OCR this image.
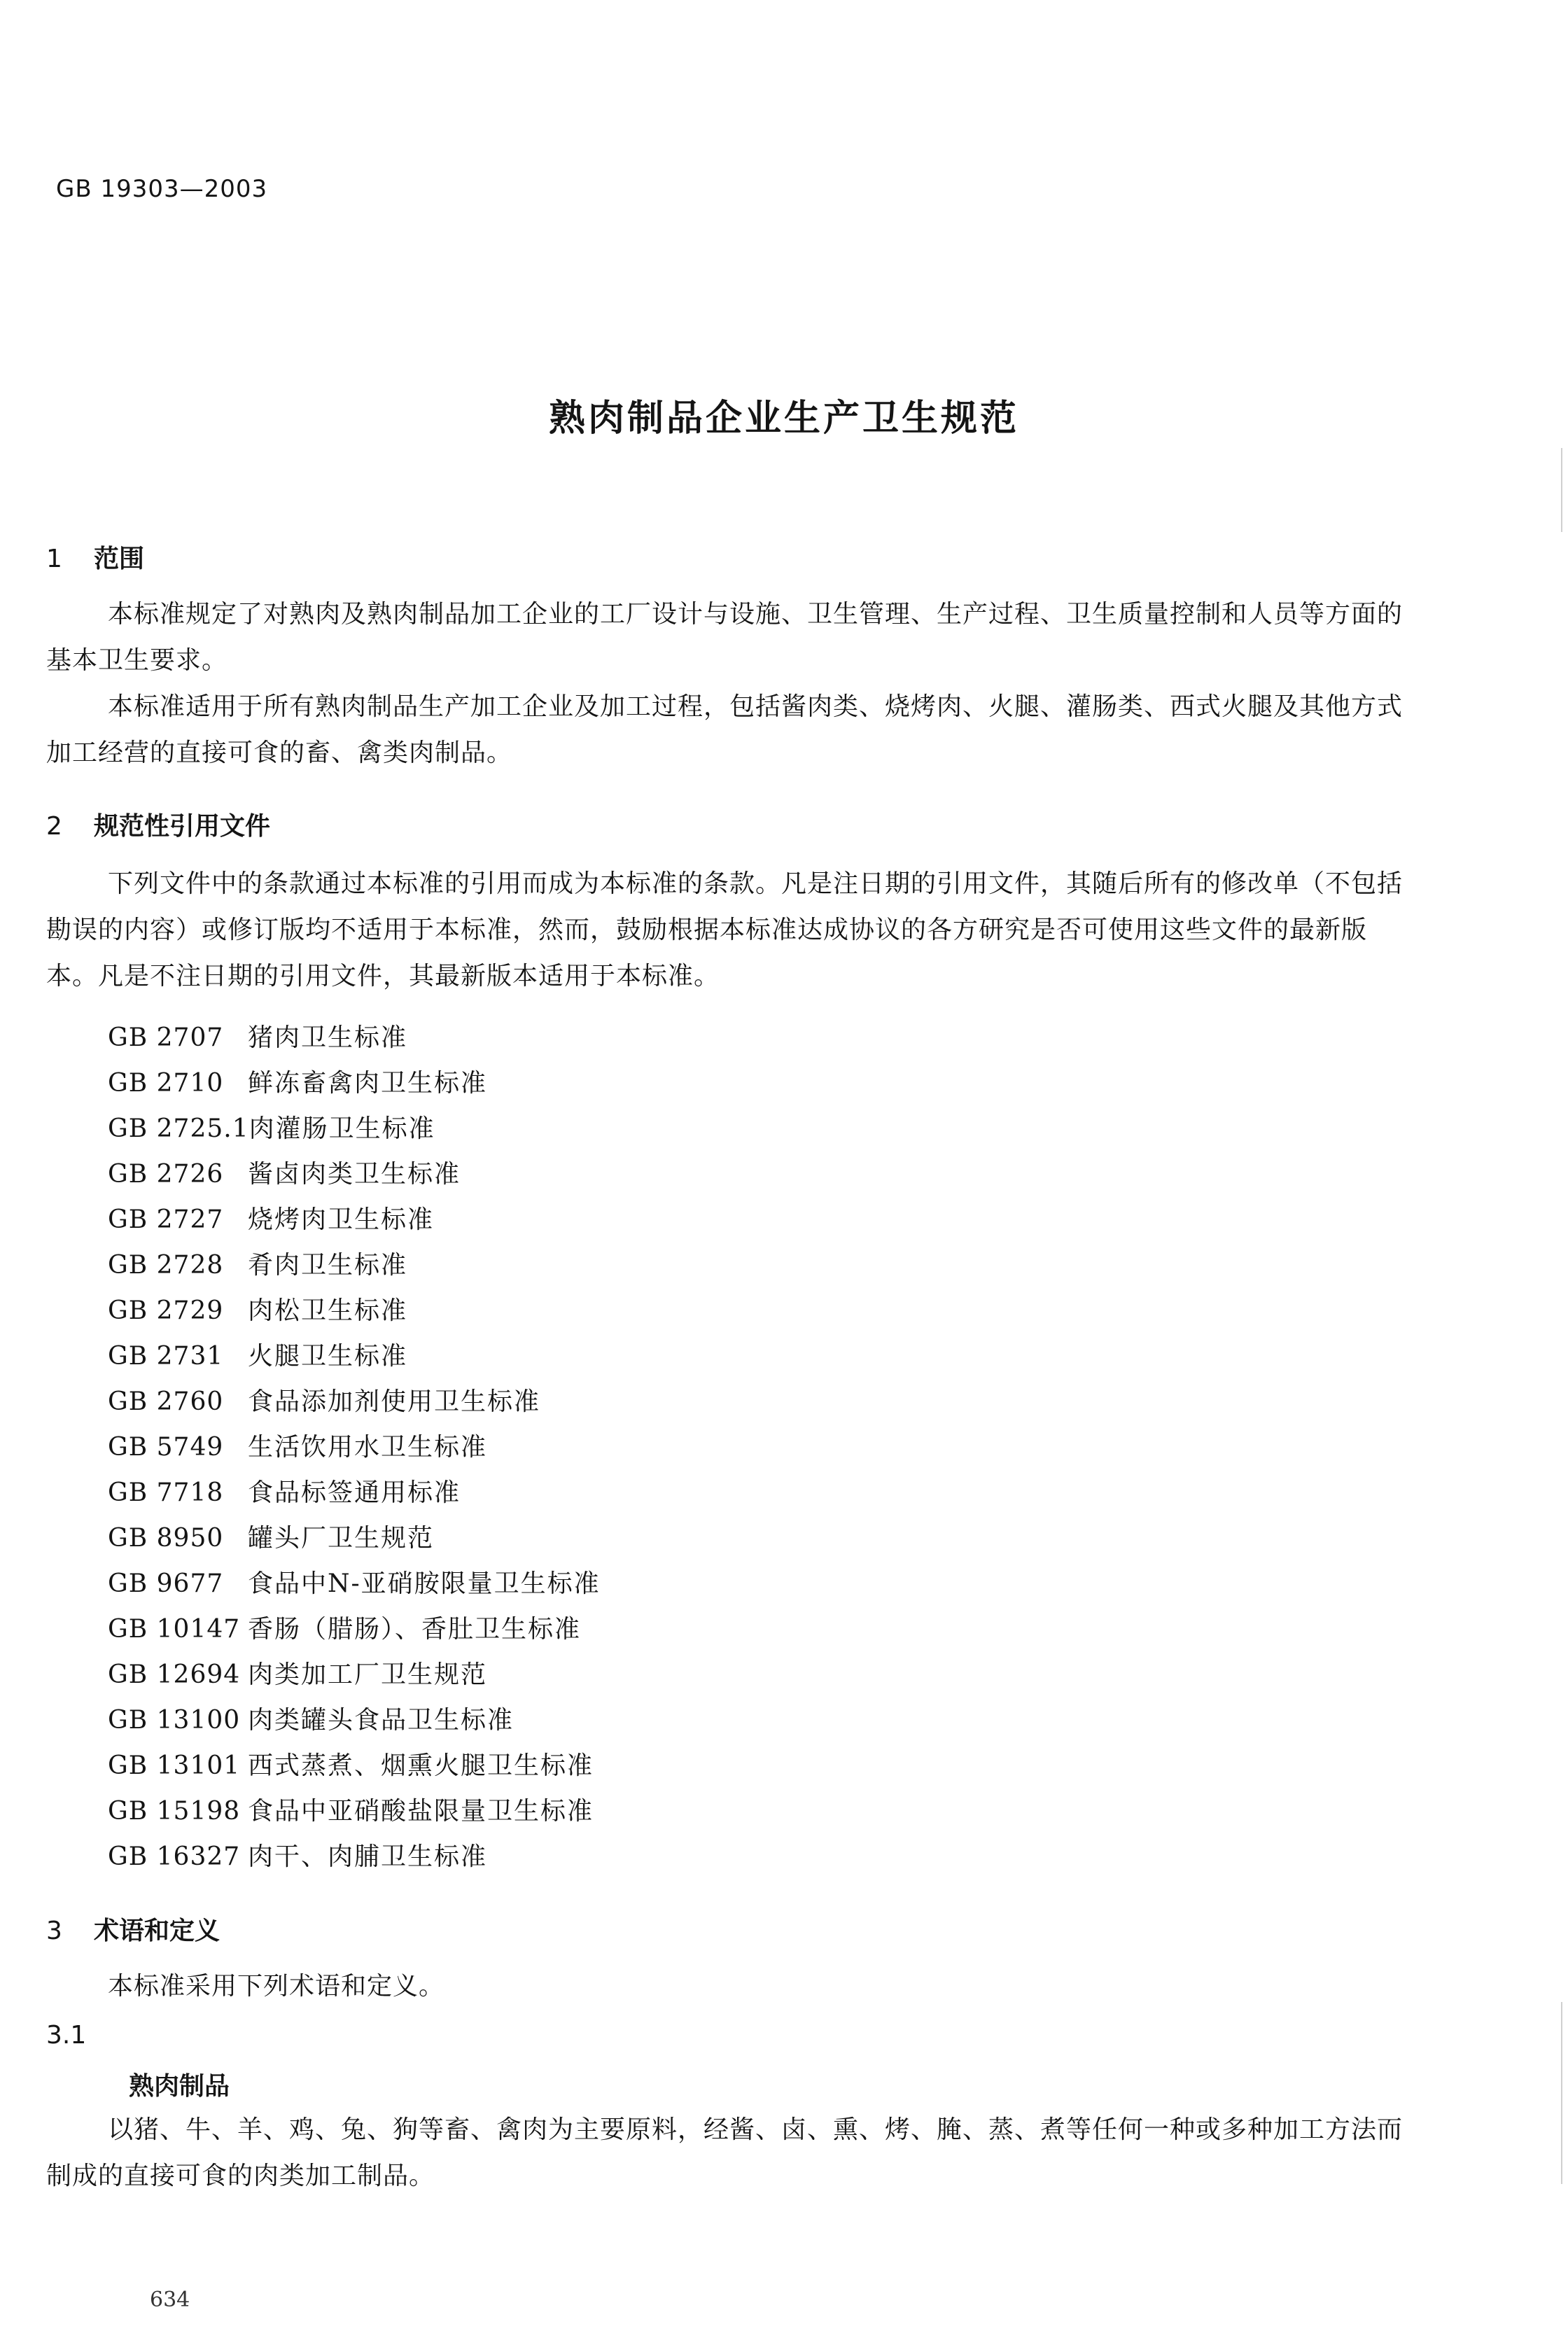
GB 19303—2003
熟肉制品企业生产卫生规范
1 范围

本标准规定了对熟肉及熟肉制品加工企业的工厂设计与设施、卫生管理、生产过程、卫生质量控制和人员等方面的基本卫生要求。

本标准适用于所有熟肉制品生产加工企业及加工过程，包括酱肉类、烧烤肉、火腿、灌肠类、西式火腿及其他方式加工经营的直接可食的畜、禽类肉制品。

2 规范性引用文件

下列文件中的条款通过本标准的引用而成为本标准的条款。凡是注日期的引用文件，其随后所有的修改单（不包括勘误的内容）或修订版均不适用于本标准，然而，鼓励根据本标准达成协议的各方研究是否可使用这些文件的最新版本。凡是不注日期的引用文件，其最新版本适用于本标准。

GB 2707 猪肉卫生标准
GB 2710 鲜冻畜禽肉卫生标准
GB 2725.1肉灌肠卫生标准
GB 2726 酱卤肉类卫生标准
GB 2727 烧烤肉卫生标准
GB 2728 肴肉卫生标准
GB 2729 肉松卫生标准
GB 2731 火腿卫生标准
GB 2760 食品添加剂使用卫生标准
GB 5749 生活饮用水卫生标准
GB 7718 食品标签通用标准
GB 8950 罐头厂卫生规范
GB 9677 食品中N-亚硝胺限量卫生标准
GB 10147 香肠（腊肠）、香肚卫生标准
GB 12694 肉类加工厂卫生规范
GB 13100 肉类罐头食品卫生标准
GB 13101 西式蒸煮、烟熏火腿卫生标准
GB 15198 食品中亚硝酸盐限量卫生标准
GB 16327 肉干、肉脯卫生标准
3 术语和定义

本标准采用下列术语和定义。

3.1
熟肉制品

以猪、牛、羊、鸡、兔、狗等畜、禽肉为主要原料，经酱、卤、熏、烤、腌、蒸、煮等任何一种或多种加工方法而制成的直接可食的肉类加工制品。

634
